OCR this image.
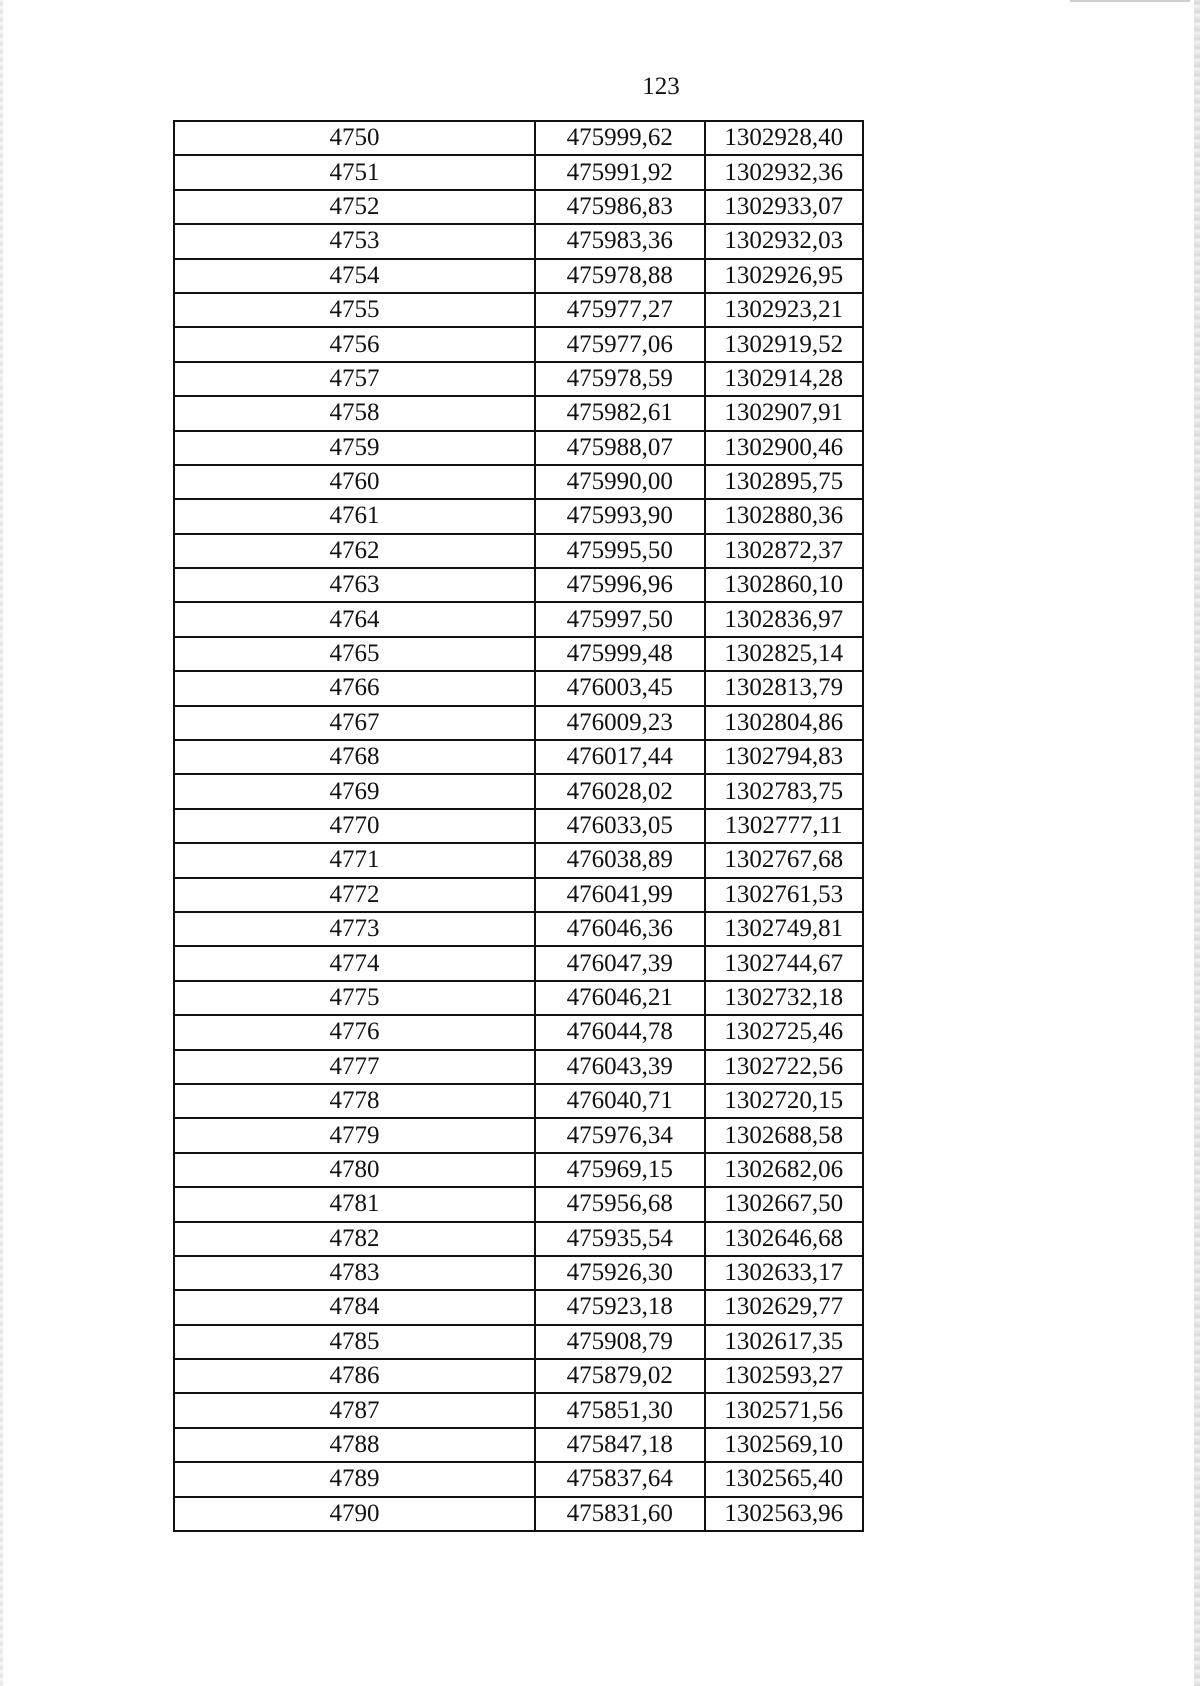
123
4750	475999,62	1302928,40
4751	475991,92	1302932,36
4752	475986,83	1302933,07
4753	475983,36	1302932,03
4754	475978,88	1302926,95
4755	475977,27	1302923,21
4756	475977,06	1302919,52
4757	475978,59	1302914,28
4758	475982,61	1302907,91
4759	475988,07	1302900,46
4760	475990,00	1302895,75
4761	475993,90	1302880,36
4762	475995,50	1302872,37
4763	475996,96	1302860,10
4764	475997,50	1302836,97
4765	475999,48	1302825,14
4766	476003,45	1302813,79
4767	476009,23	1302804,86
4768	476017,44	1302794,83
4769	476028,02	1302783,75
4770	476033,05	1302777,11
4771	476038,89	1302767,68
4772	476041,99	1302761,53
4773	476046,36	1302749,81
4774	476047,39	1302744,67
4775	476046,21	1302732,18
4776	476044,78	1302725,46
4777	476043,39	1302722,56
4778	476040,71	1302720,15
4779	475976,34	1302688,58
4780	475969,15	1302682,06
4781	475956,68	1302667,50
4782	475935,54	1302646,68
4783	475926,30	1302633,17
4784	475923,18	1302629,77
4785	475908,79	1302617,35
4786	475879,02	1302593,27
4787	475851,30	1302571,56
4788	475847,18	1302569,10
4789	475837,64	1302565,40
4790	475831,60	1302563,96
